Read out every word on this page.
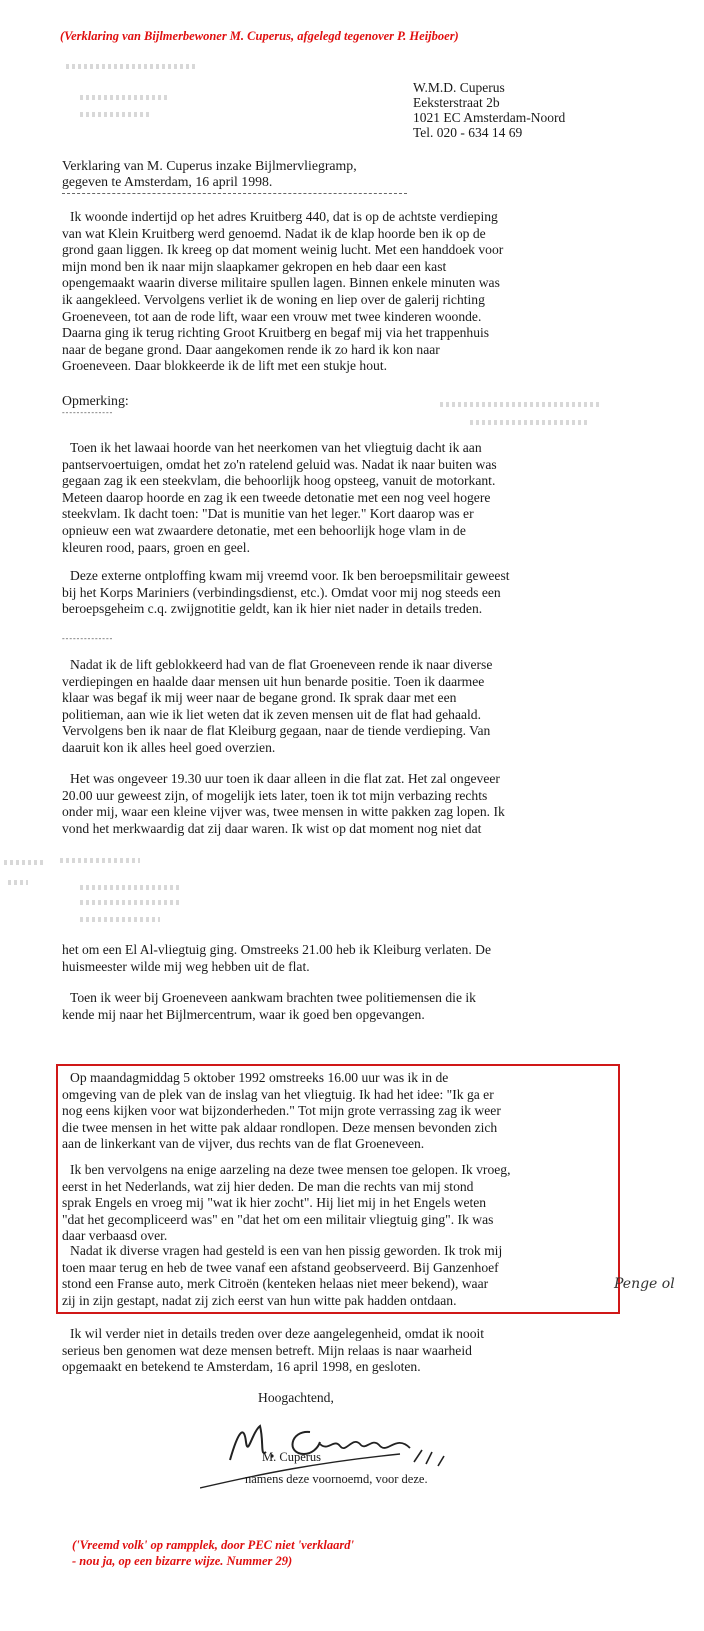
(Verklaring van Bijlmerbewoner M. Cuperus, afgelegd tegenover P. Heijboer)
W.M.D. Cuperus
Eeksterstraat 2b
1021 EC Amsterdam-Noord
Tel. 020 - 634 14 69
Verklaring van M. Cuperus inzake Bijlmervliegramp,
gegeven te Amsterdam, 16 april 1998.
Ik woonde indertijd op het adres Kruitberg 440, dat is op de achtste verdieping
van wat Klein Kruitberg werd genoemd. Nadat ik de klap hoorde ben ik op de
grond gaan liggen. Ik kreeg op dat moment weinig lucht. Met een handdoek voor
mijn mond ben ik naar mijn slaapkamer gekropen en heb daar een kast
opengemaakt waarin diverse militaire spullen lagen. Binnen enkele minuten was
ik aangekleed. Vervolgens verliet ik de woning en liep over de galerij richting
Groeneveen, tot aan de rode lift, waar een vrouw met twee kinderen woonde.
Daarna ging ik terug richting Groot Kruitberg en begaf mij via het trappenhuis
naar de begane grond. Daar aangekomen rende ik zo hard ik kon naar
Groeneveen. Daar blokkeerde ik de lift met een stukje hout.
Opmerking:
--------------
Toen ik het lawaai hoorde van het neerkomen van het vliegtuig dacht ik aan
pantservoertuigen, omdat het zo'n ratelend geluid was. Nadat ik naar buiten was
gegaan zag ik een steekvlam, die behoorlijk hoog opsteeg, vanuit de motorkant.
Meteen daarop hoorde en zag ik een tweede detonatie met een nog veel hogere
steekvlam. Ik dacht toen: "Dat is munitie van het leger." Kort daarop was er
opnieuw een wat zwaardere detonatie, met een behoorlijk hoge vlam in de
kleuren rood, paars, groen en geel.
Deze externe ontploffing kwam mij vreemd voor. Ik ben beroepsmilitair geweest
bij het Korps Mariniers (verbindingsdienst, etc.). Omdat voor mij nog steeds een
beroepsgeheim c.q. zwijgnotitie geldt, kan ik hier niet nader in details treden.
--------------
Nadat ik de lift geblokkeerd had van de flat Groeneveen rende ik naar diverse
verdiepingen en haalde daar mensen uit hun benarde positie. Toen ik daarmee
klaar was begaf ik mij weer naar de begane grond. Ik sprak daar met een
politieman, aan wie ik liet weten dat ik zeven mensen uit de flat had gehaald.
Vervolgens ben ik naar de flat Kleiburg gegaan, naar de tiende verdieping. Van
daaruit kon ik alles heel goed overzien.
Het was ongeveer 19.30 uur toen ik daar alleen in die flat zat. Het zal ongeveer
20.00 uur geweest zijn, of mogelijk iets later, toen ik tot mijn verbazing rechts
onder mij, waar een kleine vijver was, twee mensen in witte pakken zag lopen. Ik
vond het merkwaardig dat zij daar waren. Ik wist op dat moment nog niet dat
het om een El Al-vliegtuig ging. Omstreeks 21.00 heb ik Kleiburg verlaten. De
huismeester wilde mij weg hebben uit de flat.
Toen ik weer bij Groeneveen aankwam brachten twee politiemensen die ik
kende mij naar het Bijlmercentrum, waar ik goed ben opgevangen.
Op maandagmiddag 5 oktober 1992 omstreeks 16.00 uur was ik in de
omgeving van de plek van de inslag van het vliegtuig. Ik had het idee: "Ik ga er
nog eens kijken voor wat bijzonderheden." Tot mijn grote verrassing zag ik weer
die twee mensen in het witte pak aldaar rondlopen. Deze mensen bevonden zich
aan de linkerkant van de vijver, dus rechts van de flat Groeneveen.
Ik ben vervolgens na enige aarzeling na deze twee mensen toe gelopen. Ik vroeg,
eerst in het Nederlands, wat zij hier deden. De man die rechts van mij stond
sprak Engels en vroeg mij "wat ik hier zocht". Hij liet mij in het Engels weten
"dat het gecompliceerd was" en "dat het om een militair vliegtuig ging". Ik was
daar verbaasd over.
Nadat ik diverse vragen had gesteld is een van hen pissig geworden. Ik trok mij
toen maar terug en heb de twee vanaf een afstand geobserveerd. Bij Ganzenhoef
stond een Franse auto, merk Citroën (kenteken helaas niet meer bekend), waar
zij in zijn gestapt, nadat zij zich eerst van hun witte pak hadden ontdaan.
Penge ol
Ik wil verder niet in details treden over deze aangelegenheid, omdat ik nooit
serieus ben genomen wat deze mensen betreft. Mijn relaas is naar waarheid
opgemaakt en betekend te Amsterdam, 16 april 1998, en gesloten.
Hoogachtend,
M. Cuperus
namens deze voornoemd, voor deze.
('Vreemd volk' op rampplek, door PEC niet 'verklaard'
- nou ja, op een bizarre wijze. Nummer 29)
